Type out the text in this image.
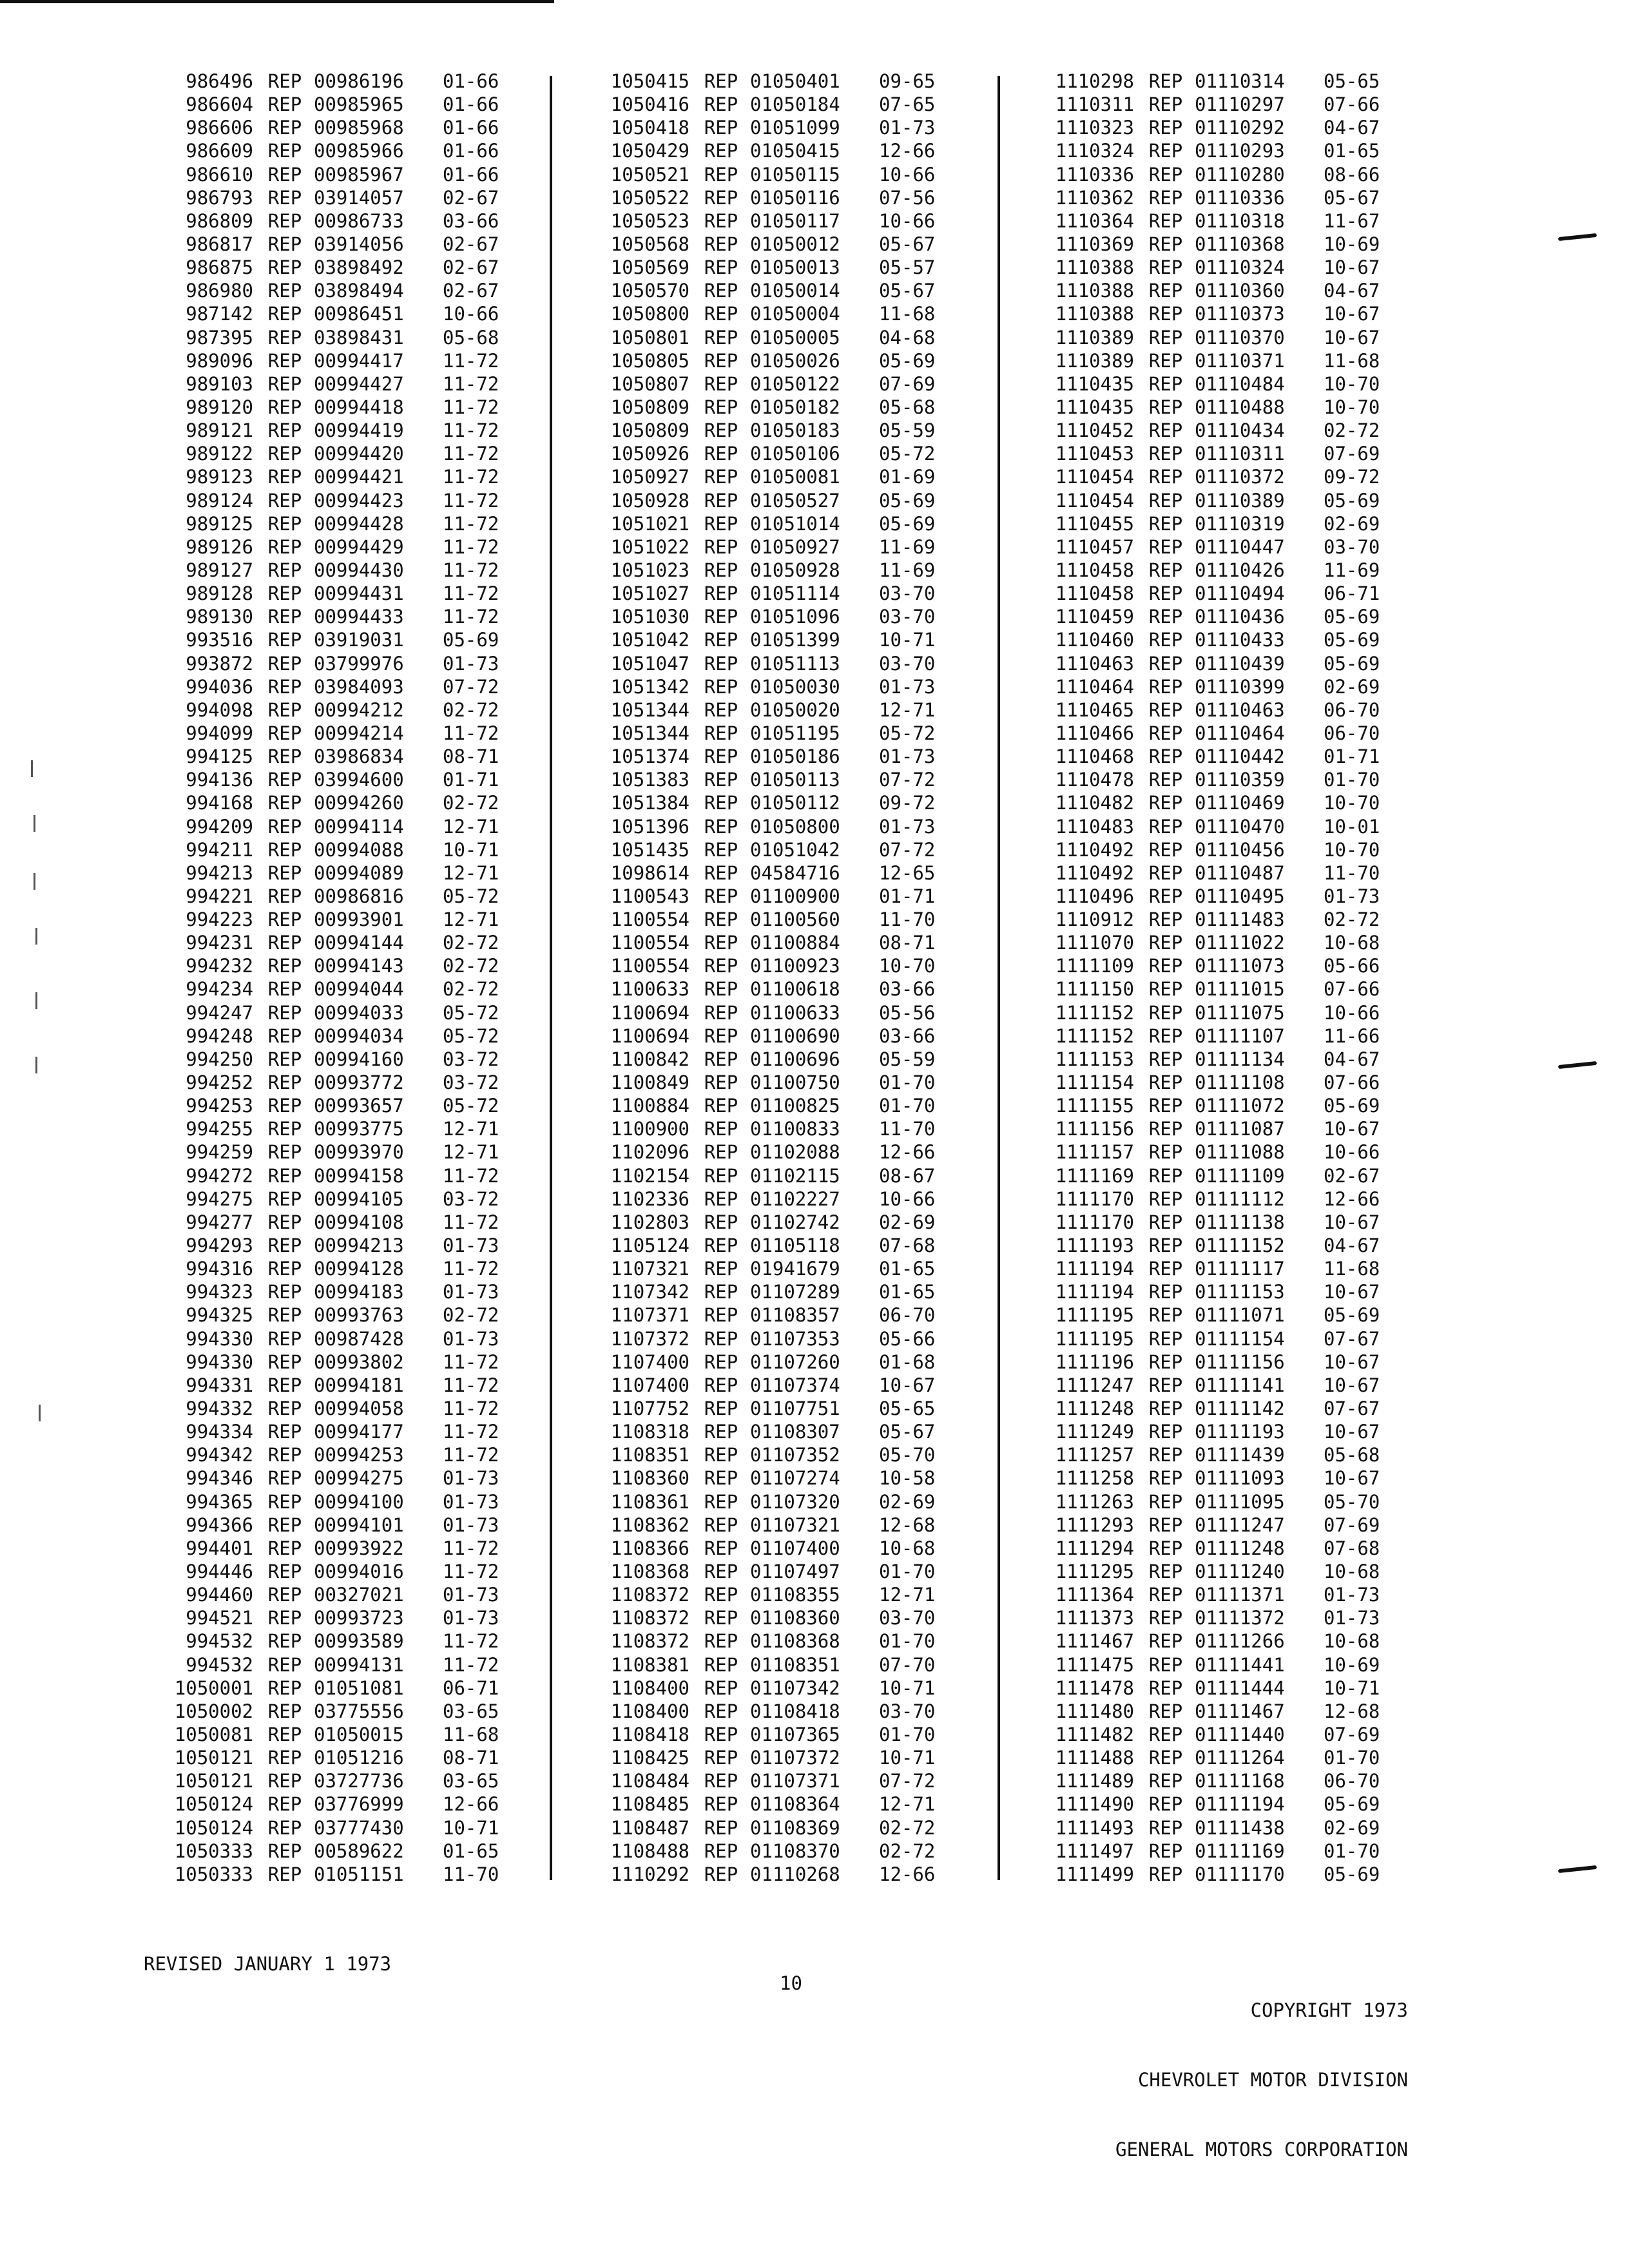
986496 REP 00986196	01-66
986604 REP 00985965	01-66
986606 REP 00985968	01-66
986609 REP 00985966	01-66
986610 REP 00985967	01-66
986793 REP 03914057	02-67
986809 REP 00986733	03-66
986817 REP 03914056	02-67
986875 REP 03898492	02-67
986980 REP 03898494	02-67
987142 REP 00986451	10-66
987395 REP 03898431	05-68
989096 REP 00994417	11-72
989103 REP 00994427	11-72
989120 REP 00994418	11-72
989121 REP 00994419	11-72
989122 REP 00994420	11-72
989123 REP 00994421	11-72
989124 REP 00994423	11-72
989125 REP 00994428	11-72
989126 REP 00994429	11-72
989127 REP 00994430	11-72
989128 REP 00994431	11-72
989130 REP 00994433	11-72
993516 REP 03919031	05-69
993872 REP 03799976	01-73
994036 REP 03984093	07-72
994098 REP 00994212	02-72
994099 REP 00994214	11-72
994125 REP 03986834	08-71
994136 REP 03994600	01-71
994168 REP 00994260	02-72
994209 REP 00994114	12-71
994211 REP 00994088	10-71
994213 REP 00994089	12-71
994221 REP 00986816	05-72
994223 REP 00993901	12-71
994231 REP 00994144	02-72
994232 REP 00994143	02-72
994234 REP 00994044	02-72
994247 REP 00994033	05-72
994248 REP 00994034	05-72
994250 REP 00994160	03-72
994252 REP 00993772	03-72
994253 REP 00993657	05-72
994255 REP 00993775	12-71
994259 REP 00993970	12-71
994272 REP 00994158	11-72
994275 REP 00994105	03-72
994277 REP 00994108	11-72
994293 REP 00994213	01-73
994316 REP 00994128	11-72
994323 REP 00994183	01-73
994325 REP 00993763	02-72
994330 REP 00987428	01-73
994330 REP 00993802	11-72
994331 REP 00994181	11-72
994332 REP 00994058	11-72
994334 REP 00994177	11-72
994342 REP 00994253	11-72
994346 REP 00994275	01-73
994365 REP 00994100	01-73
994366 REP 00994101	01-73
994401 REP 00993922	11-72
994446 REP 00994016	11-72
994460 REP 00327021	01-73
994521 REP 00993723	01-73
994532 REP 00993589	11-72
994532 REP 00994131	11-72
1050001 REP 01051081	06-71
1050002 REP 03775556	03-65
1050081 REP 01050015	11-68
1050121 REP 01051216	08-71
1050121 REP 03727736	03-65
1050124 REP 03776999	12-66
1050124 REP 03777430	10-71
1050333 REP 00589622	01-65
1050333 REP 01051151	11-70
1050415 REP 01050401	09-65
1050416 REP 01050184	07-65
1050418 REP 01051099	01-73
1050429 REP 01050415	12-66
1050521 REP 01050115	10-66
1050522 REP 01050116	07-56
1050523 REP 01050117	10-66
1050568 REP 01050012	05-67
1050569 REP 01050013	05-57
1050570 REP 01050014	05-67
1050800 REP 01050004	11-68
1050801 REP 01050005	04-68
1050805 REP 01050026	05-69
1050807 REP 01050122	07-69
1050809 REP 01050182	05-68
1050809 REP 01050183	05-59
1050926 REP 01050106	05-72
1050927 REP 01050081	01-69
1050928 REP 01050527	05-69
1051021 REP 01051014	05-69
1051022 REP 01050927	11-69
1051023 REP 01050928	11-69
1051027 REP 01051114	03-70
1051030 REP 01051096	03-70
1051042 REP 01051399	10-71
1051047 REP 01051113	03-70
1051342 REP 01050030	01-73
1051344 REP 01050020	12-71
1051344 REP 01051195	05-72
1051374 REP 01050186	01-73
1051383 REP 01050113	07-72
1051384 REP 01050112	09-72
1051396 REP 01050800	01-73
1051435 REP 01051042	07-72
1098614 REP 04584716	12-65
1100543 REP 01100900	01-71
1100554 REP 01100560	11-70
1100554 REP 01100884	08-71
1100554 REP 01100923	10-70
1100633 REP 01100618	03-66
1100694 REP 01100633	05-56
1100694 REP 01100690	03-66
1100842 REP 01100696	05-59
1100849 REP 01100750	01-70
1100884 REP 01100825	01-70
1100900 REP 01100833	11-70
1102096 REP 01102088	12-66
1102154 REP 01102115	08-67
1102336 REP 01102227	10-66
1102803 REP 01102742	02-69
1105124 REP 01105118	07-68
1107321 REP 01941679	01-65
1107342 REP 01107289	01-65
1107371 REP 01108357	06-70
1107372 REP 01107353	05-66
1107400 REP 01107260	01-68
1107400 REP 01107374	10-67
1107752 REP 01107751	05-65
1108318 REP 01108307	05-67
1108351 REP 01107352	05-70
1108360 REP 01107274	10-58
1108361 REP 01107320	02-69
1108362 REP 01107321	12-68
1108366 REP 01107400	10-68
1108368 REP 01107497	01-70
1108372 REP 01108355	12-71
1108372 REP 01108360	03-70
1108372 REP 01108368	01-70
1108381 REP 01108351	07-70
1108400 REP 01107342	10-71
1108400 REP 01108418	03-70
1108418 REP 01107365	01-70
1108425 REP 01107372	10-71
1108484 REP 01107371	07-72
1108485 REP 01108364	12-71
1108487 REP 01108369	02-72
1108488 REP 01108370	02-72
1110292 REP 01110268	12-66
1110298 REP 01110314	05-65
1110311 REP 01110297	07-66
1110323 REP 01110292	04-67
1110324 REP 01110293	01-65
1110336 REP 01110280	08-66
1110362 REP 01110336	05-67
1110364 REP 01110318	11-67
1110369 REP 01110368	10-69
1110388 REP 01110324	10-67
1110388 REP 01110360	04-67
1110388 REP 01110373	10-67
1110389 REP 01110370	10-67
1110389 REP 01110371	11-68
1110435 REP 01110484	10-70
1110435 REP 01110488	10-70
1110452 REP 01110434	02-72
1110453 REP 01110311	07-69
1110454 REP 01110372	09-72
1110454 REP 01110389	05-69
1110455 REP 01110319	02-69
1110457 REP 01110447	03-70
1110458 REP 01110426	11-69
1110458 REP 01110494	06-71
1110459 REP 01110436	05-69
1110460 REP 01110433	05-69
1110463 REP 01110439	05-69
1110464 REP 01110399	02-69
1110465 REP 01110463	06-70
1110466 REP 01110464	06-70
1110468 REP 01110442	01-71
1110478 REP 01110359	01-70
1110482 REP 01110469	10-70
1110483 REP 01110470	10-01
1110492 REP 01110456	10-70
1110492 REP 01110487	11-70
1110496 REP 01110495	01-73
1110912 REP 01111483	02-72
1111070 REP 01111022	10-68
1111109 REP 01111073	05-66
1111150 REP 01111015	07-66
1111152 REP 01111075	10-66
1111152 REP 01111107	11-66
1111153 REP 01111134	04-67
1111154 REP 01111108	07-66
1111155 REP 01111072	05-69
1111156 REP 01111087	10-67
1111157 REP 01111088	10-66
1111169 REP 01111109	02-67
1111170 REP 01111112	12-66
1111170 REP 01111138	10-67
1111193 REP 01111152	04-67
1111194 REP 01111117	11-68
1111194 REP 01111153	10-67
1111195 REP 01111071	05-69
1111195 REP 01111154	07-67
1111196 REP 01111156	10-67
1111247 REP 01111141	10-67
1111248 REP 01111142	07-67
1111249 REP 01111193	10-67
1111257 REP 01111439	05-68
1111258 REP 01111093	10-67
1111263 REP 01111095	05-70
1111293 REP 01111247	07-69
1111294 REP 01111248	07-68
1111295 REP 01111240	10-68
1111364 REP 01111371	01-73
1111373 REP 01111372	01-73
1111467 REP 01111266	10-68
1111475 REP 01111441	10-69
1111478 REP 01111444	10-71
1111480 REP 01111467	12-68
1111482 REP 01111440	07-69
1111488 REP 01111264	01-70
1111489 REP 01111168	06-70
1111490 REP 01111194	05-69
1111493 REP 01111438	02-69
1111497 REP 01111169	01-70
1111499 REP 01111170	05-69
REVISED JANUARY 1 1973
10

COPYRIGHT 1973

CHEVROLET MOTOR DIVISION

GENERAL MOTORS CORPORATION
